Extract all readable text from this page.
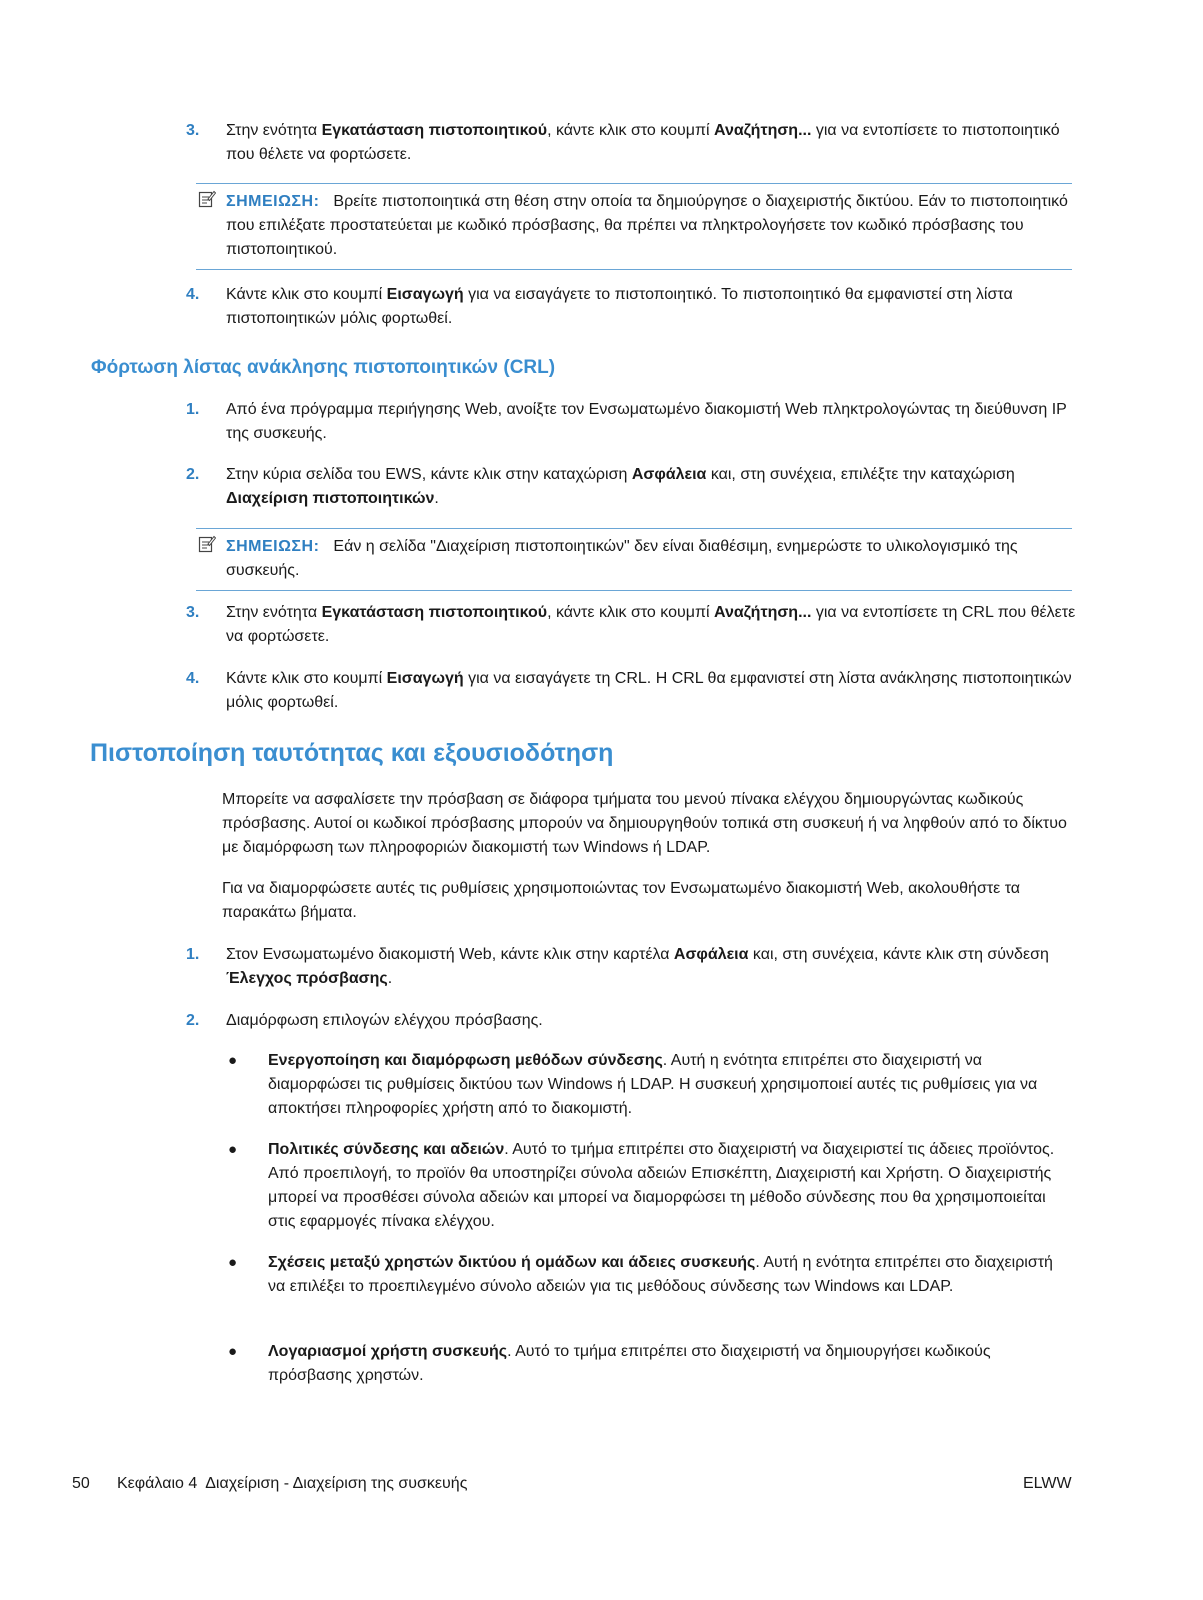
3. Στην ενότητα Εγκατάσταση πιστοποιητικού, κάντε κλικ στο κουμπί Αναζήτηση... για να εντοπίσετε το πιστοποιητικό που θέλετε να φορτώσετε.
ΣΗΜΕΙΩΣΗ: Βρείτε πιστοποιητικά στη θέση στην οποία τα δημιούργησε ο διαχειριστής δικτύου. Εάν το πιστοποιητικό που επιλέξατε προστατεύεται με κωδικό πρόσβασης, θα πρέπει να πληκτρολογήσετε τον κωδικό πρόσβασης του πιστοποιητικού.
4. Κάντε κλικ στο κουμπί Εισαγωγή για να εισαγάγετε το πιστοποιητικό. Το πιστοποιητικό θα εμφανιστεί στη λίστα πιστοποιητικών μόλις φορτωθεί.
Φόρτωση λίστας ανάκλησης πιστοποιητικών (CRL)
1. Από ένα πρόγραμμα περιήγησης Web, ανοίξτε τον Ενσωματωμένο διακομιστή Web πληκτρολογώντας τη διεύθυνση IP της συσκευής.
2. Στην κύρια σελίδα του EWS, κάντε κλικ στην καταχώριση Ασφάλεια και, στη συνέχεια, επιλέξτε την καταχώριση Διαχείριση πιστοποιητικών.
ΣΗΜΕΙΩΣΗ: Εάν η σελίδα "Διαχείριση πιστοποιητικών" δεν είναι διαθέσιμη, ενημερώστε το υλικολογισμικό της συσκευής.
3. Στην ενότητα Εγκατάσταση πιστοποιητικού, κάντε κλικ στο κουμπί Αναζήτηση... για να εντοπίσετε τη CRL που θέλετε να φορτώσετε.
4. Κάντε κλικ στο κουμπί Εισαγωγή για να εισαγάγετε τη CRL. Η CRL θα εμφανιστεί στη λίστα ανάκλησης πιστοποιητικών μόλις φορτωθεί.
Πιστοποίηση ταυτότητας και εξουσιοδότηση
Μπορείτε να ασφαλίσετε την πρόσβαση σε διάφορα τμήματα του μενού πίνακα ελέγχου δημιουργώντας κωδικούς πρόσβασης. Αυτοί οι κωδικοί πρόσβασης μπορούν να δημιουργηθούν τοπικά στη συσκευή ή να ληφθούν από το δίκτυο με διαμόρφωση των πληροφοριών διακομιστή των Windows ή LDAP.
Για να διαμορφώσετε αυτές τις ρυθμίσεις χρησιμοποιώντας τον Ενσωματωμένο διακομιστή Web, ακολουθήστε τα παρακάτω βήματα.
1. Στον Ενσωματωμένο διακομιστή Web, κάντε κλικ στην καρτέλα Ασφάλεια και, στη συνέχεια, κάντε κλικ στη σύνδεση Έλεγχος πρόσβασης.
2. Διαμόρφωση επιλογών ελέγχου πρόσβασης.
● Ενεργοποίηση και διαμόρφωση μεθόδων σύνδεσης. Αυτή η ενότητα επιτρέπει στο διαχειριστή να διαμορφώσει τις ρυθμίσεις δικτύου των Windows ή LDAP. Η συσκευή χρησιμοποιεί αυτές τις ρυθμίσεις για να αποκτήσει πληροφορίες χρήστη από το διακομιστή.
● Πολιτικές σύνδεσης και αδειών. Αυτό το τμήμα επιτρέπει στο διαχειριστή να διαχειριστεί τις άδειες προϊόντος. Από προεπιλογή, το προϊόν θα υποστηρίζει σύνολα αδειών Επισκέπτη, Διαχειριστή και Χρήστη. Ο διαχειριστής μπορεί να προσθέσει σύνολα αδειών και μπορεί να διαμορφώσει τη μέθοδο σύνδεσης που θα χρησιμοποιείται στις εφαρμογές πίνακα ελέγχου.
● Σχέσεις μεταξύ χρηστών δικτύου ή ομάδων και άδειες συσκευής. Αυτή η ενότητα επιτρέπει στο διαχειριστή να επιλέξει το προεπιλεγμένο σύνολο αδειών για τις μεθόδους σύνδεσης των Windows και LDAP.
● Λογαριασμοί χρήστη συσκευής. Αυτό το τμήμα επιτρέπει στο διαχειριστή να δημιουργήσει κωδικούς πρόσβασης χρηστών.
50 Κεφάλαιο 4  Διαχείριση - Διαχείριση της συσκευής	ELWW
